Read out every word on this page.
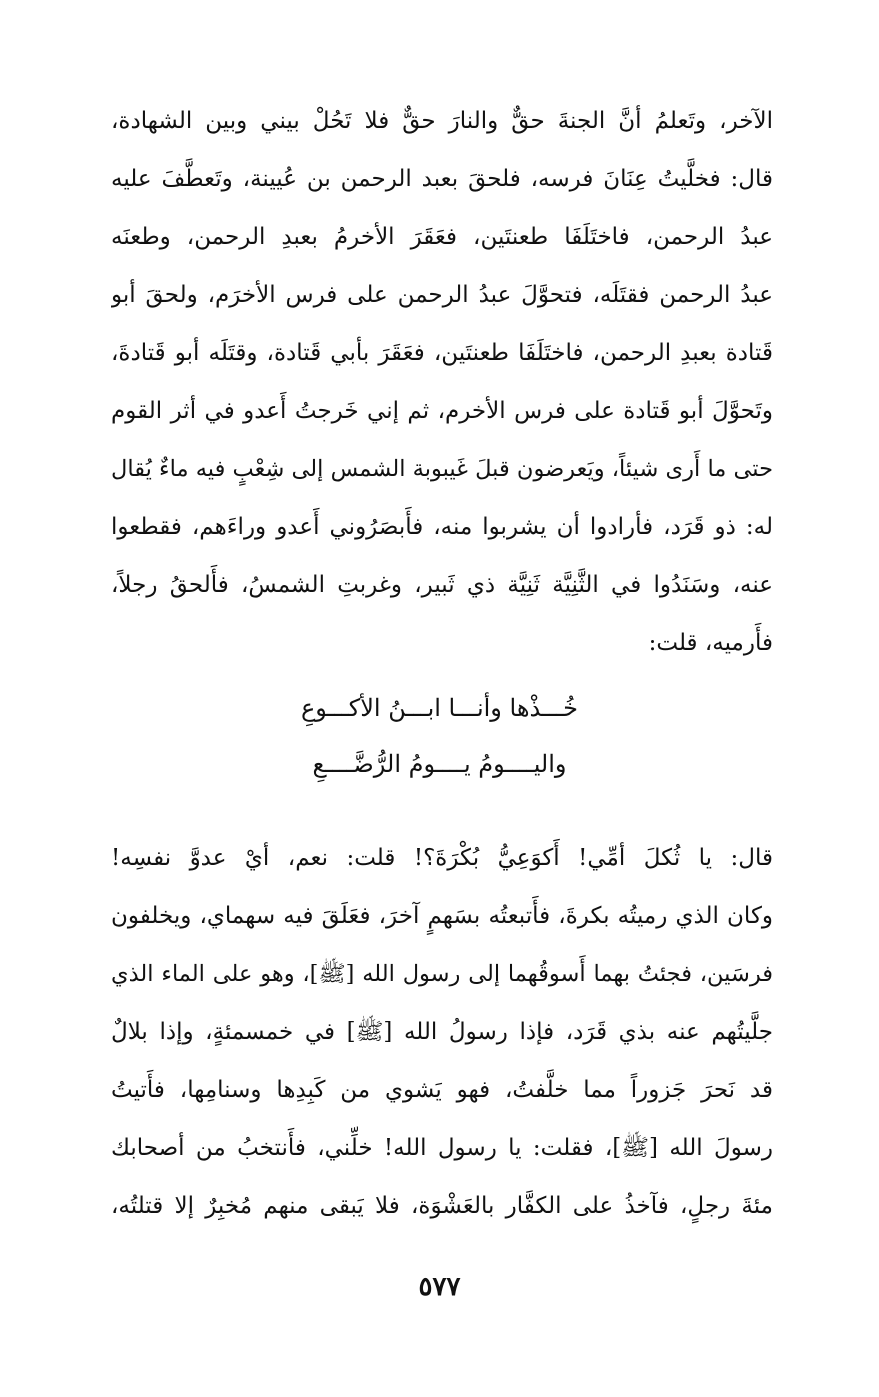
الآخر، وتَعلمُ أنَّ الجنةَ حقٌّ والنارَ حقٌّ فلا تَحُلْ بيني وبين الشهادة،
قال: فخلَّيتُ عِنَانَ فرسه، فلحقَ بعبد الرحمن بن عُيينة، وتَعطَّفَ عليه
عبدُ الرحمن، فاختَلَفَا طعنتَين، فعَقَرَ الأخرمُ بعبدِ الرحمن، وطعنَه
عبدُ الرحمن فقتَلَه، فتحوَّلَ عبدُ الرحمن على فرس الأخرَم، ولحقَ أبو
قَتادة بعبدِ الرحمن، فاختَلَفَا طعنتَين، فعَقَرَ بأبي قَتادة، وقتَلَه أبو قَتادةَ،
وتَحوَّلَ أبو قَتادة على فرس الأخرم، ثم إني خَرجتُ أَعدو في أثر القوم
حتى ما أَرى شيئاً، ويَعرضون قبلَ غَيبوبة الشمس إلى شِعْبٍ فيه ماءٌ يُقال
له: ذو قَرَد، فأرادوا أن يشربوا منه، فأَبصَرُوني أَعدو وراءَهم، فقطعوا
عنه، وسَنَدُوا في الثَّنِيَّة ثَنِيَّة ذي ثَبير، وغربتِ الشمسُ، فأَلحقُ رجلاً،
فأَرميه، قلت:
خُـــذْها وأنـــا ابـــنُ الأكـــوعِ
واليــــومُ يــــومُ الرُّضَّــــعِ
قال: يا ثُكلَ أمِّي! أَكوَعِيُّ بُكْرَةَ؟! قلت: نعم، أيْ عدوَّ نفسِه!
وكان الذي رميتُه بكرةَ، فأَتبعتُه بسَهمٍ آخرَ، فعَلَقَ فيه سهماي، ويخلفون
فرسَين، فجئتُ بهما أَسوقُهما إلى رسول الله [ﷺ]، وهو على الماء الذي
جلَّيتُهم عنه بذي قَرَد، فإذا رسولُ الله [ﷺ] في خمسمئةٍ، وإذا بلالٌ
قد نَحرَ جَزوراً مما خلَّفتُ، فهو يَشوي من كَبِدِها وسنامِها، فأَتيتُ
رسولَ الله [ﷺ]، فقلت: يا رسول الله! خلِّني، فأَنتخبُ من أصحابك
مئةَ رجلٍ، فآخذُ على الكفَّار بالعَشْوَة، فلا يَبقى منهم مُخبِرٌ إلا قتلتُه،
٥٧٧
